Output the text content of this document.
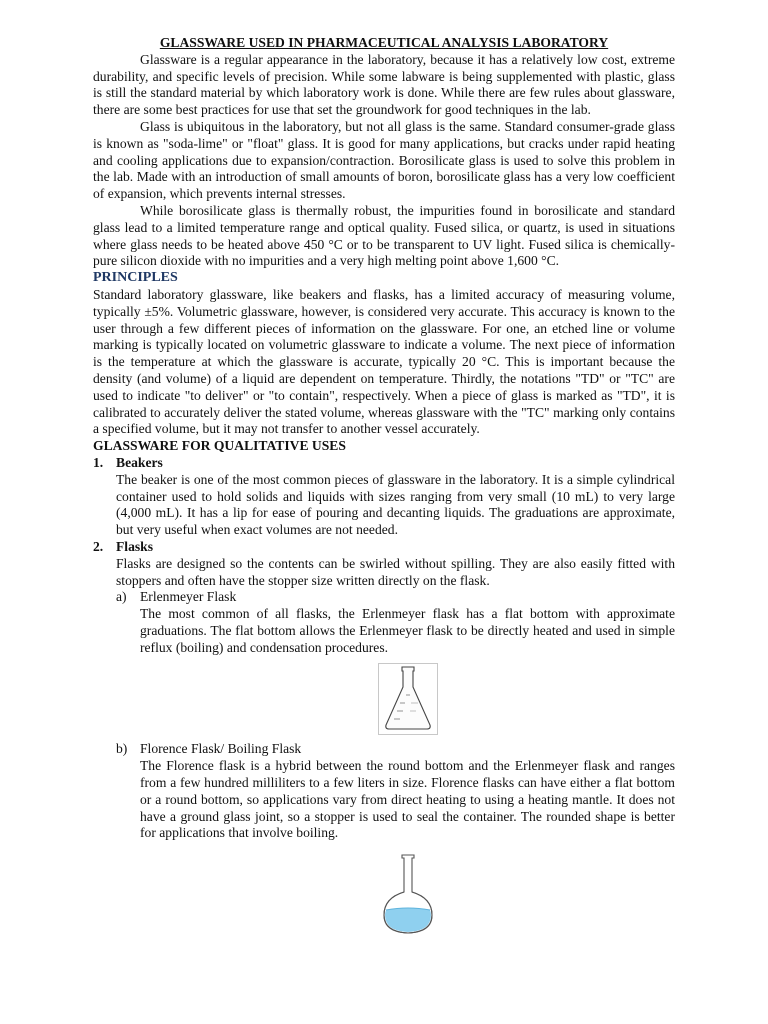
GLASSWARE USED IN PHARMACEUTICAL ANALYSIS LABORATORY

Glassware is a regular appearance in the laboratory, because it has a relatively low cost, extreme durability, and specific levels of precision. While some labware is being supplemented with plastic, glass is still the standard material by which laboratory work is done. While there are few rules about glassware, there are some best practices for use that set the groundwork for good techniques in the lab.

Glass is ubiquitous in the laboratory, but not all glass is the same. Standard consumer-grade glass is known as "soda-lime" or "float" glass. It is good for many applications, but cracks under rapid heating and cooling applications due to expansion/contraction. Borosilicate glass is used to solve this problem in the lab. Made with an introduction of small amounts of boron, borosilicate glass has a very low coefficient of expansion, which prevents internal stresses.

While borosilicate glass is thermally robust, the impurities found in borosilicate and standard glass lead to a limited temperature range and optical quality. Fused silica, or quartz, is used in situations where glass needs to be heated above 450 °C or to be transparent to UV light. Fused silica is chemically-pure silicon dioxide with no impurities and a very high melting point above 1,600 °C.

PRINCIPLES

Standard laboratory glassware, like beakers and flasks, has a limited accuracy of measuring volume, typically ±5%. Volumetric glassware, however, is considered very accurate. This accuracy is known to the user through a few different pieces of information on the glassware. For one, an etched line or volume marking is typically located on volumetric glassware to indicate a volume. The next piece of information is the temperature at which the glassware is accurate, typically 20 °C. This is important because the density (and volume) of a liquid are dependent on temperature. Thirdly, the notations "TD" or "TC" are used to indicate "to deliver" or "to contain", respectively. When a piece of glass is marked as "TD", it is calibrated to accurately deliver the stated volume, whereas glassware with the "TC" marking only contains a specified volume, but it may not transfer to another vessel accurately.

GLASSWARE FOR QUALITATIVE USES

1. Beakers

The beaker is one of the most common pieces of glassware in the laboratory. It is a simple cylindrical container used to hold solids and liquids with sizes ranging from very small (10 mL) to very large (4,000 mL). It has a lip for ease of pouring and decanting liquids. The graduations are approximate, but very useful when exact volumes are not needed.

2. Flasks

Flasks are designed so the contents can be swirled without spilling. They are also easily fitted with stoppers and often have the stopper size written directly on the flask.

a) Erlenmeyer Flask

The most common of all flasks, the Erlenmeyer flask has a flat bottom with approximate graduations. The flat bottom allows the Erlenmeyer flask to be directly heated and used in simple reflux (boiling) and condensation procedures.

b) Florence Flask/ Boiling Flask

The Florence flask is a hybrid between the round bottom and the Erlenmeyer flask and ranges from a few hundred milliliters to a few liters in size. Florence flasks can have either a flat bottom or a round bottom, so applications vary from direct heating to using a heating mantle. It does not have a ground glass joint, so a stopper is used to seal the container. The rounded shape is better for applications that involve boiling.
